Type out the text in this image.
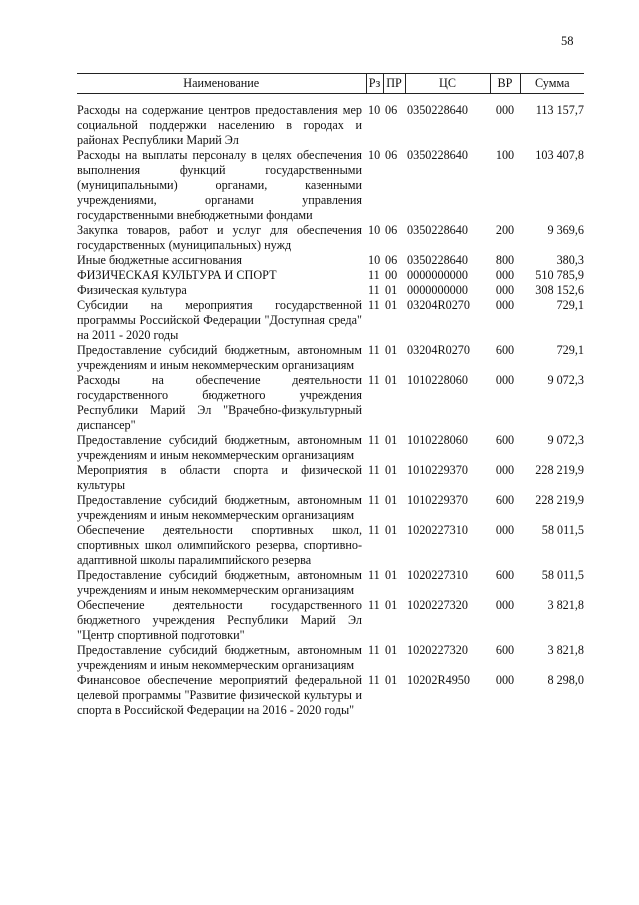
58
Наименование	Рз	ПР	ЦС	ВР	Сумма

Расходы на содержание центров предоставления мер социальной поддержки населению в городах и районах Республики Марий Эл	10	06	0350228640	000	113 157,7
Расходы на выплаты персоналу в целях обеспечения выполнения функций государственными (муниципальными) органами, казенными учреждениями, органами управления государственными внебюджетными фондами	10	06	0350228640	100	103 407,8
Закупка товаров, работ и услуг для обеспечения государственных (муниципальных) нужд	10	06	0350228640	200	9 369,6
Иные бюджетные ассигнования	10	06	0350228640	800	380,3
ФИЗИЧЕСКАЯ КУЛЬТУРА И СПОРТ	11	00	0000000000	000	510 785,9
Физическая культура	11	01	0000000000	000	308 152,6
Субсидии на мероприятия государственной программы Российской Федерации "Доступная среда" на 2011 - 2020 годы	11	01	03204R0270	000	729,1
Предоставление субсидий бюджетным, автономным учреждениям и иным некоммерческим организациям	11	01	03204R0270	600	729,1
Расходы на обеспечение деятельности государственного бюджетного учреждения Республики Марий Эл "Врачебно-физкультурный диспансер"	11	01	1010228060	000	9 072,3
Предоставление субсидий бюджетным, автономным учреждениям и иным некоммерческим организациям	11	01	1010228060	600	9 072,3
Мероприятия в области спорта и физической культуры	11	01	1010229370	000	228 219,9
Предоставление субсидий бюджетным, автономным учреждениям и иным некоммерческим организациям	11	01	1010229370	600	228 219,9
Обеспечение деятельности спортивных школ, спортивных школ олимпийского резерва, спортивно-адаптивной школы паралимпийского резерва	11	01	1020227310	000	58 011,5
Предоставление субсидий бюджетным, автономным учреждениям и иным некоммерческим организациям	11	01	1020227310	600	58 011,5
Обеспечение деятельности государственного бюджетного учреждения Республики Марий Эл "Центр спортивной подготовки"	11	01	1020227320	000	3 821,8
Предоставление субсидий бюджетным, автономным учреждениям и иным некоммерческим организациям	11	01	1020227320	600	3 821,8
Финансовое обеспечение мероприятий федеральной целевой программы "Развитие физической культуры и спорта в Российской Федерации на 2016 - 2020 годы"	11	01	10202R4950	000	8 298,0
